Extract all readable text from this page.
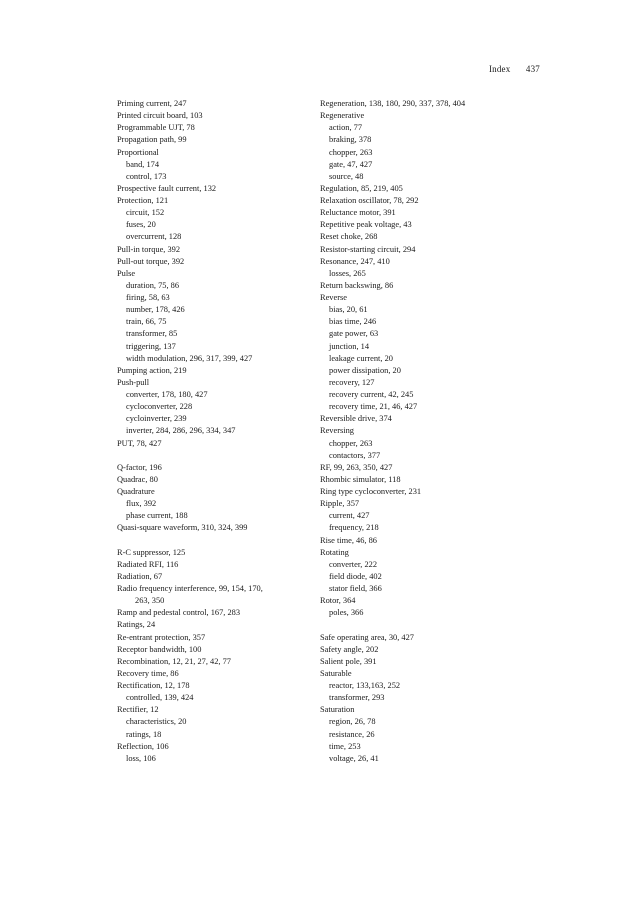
Index 437
Priming current, 247
Printed circuit board, 103
Programmable UJT, 78
Propagation path, 99
Proportional
band, 174
control, 173
Prospective fault current, 132
Protection, 121
circuit, 152
fuses, 20
overcurrent, 128
Pull-in torque, 392
Pull-out torque, 392
Pulse
duration, 75, 86
firing, 58, 63
number, 178, 426
train, 66, 75
transformer, 85
triggering, 137
width modulation, 296, 317, 399, 427
Pumping action, 219
Push-pull
converter, 178, 180, 427
cycloconverter, 228
cycloinverter, 239
inverter, 284, 286, 296, 334, 347
PUT, 78, 427
Q-factor, 196
Quadrac, 80
Quadrature
flux, 392
phase current, 188
Quasi-square waveform, 310, 324, 399
R-C suppressor, 125
Radiated RFI, 116
Radiation, 67
Radio frequency interference, 99, 154, 170,
263, 350
Ramp and pedestal control, 167, 283
Ratings, 24
Re-entrant protection, 357
Receptor bandwidth, 100
Recombination, 12, 21, 27, 42, 77
Recovery time, 86
Rectification, 12, 178
controlled, 139, 424
Rectifier, 12
characteristics, 20
ratings, 18
Reflection, 106
loss, 106
Regeneration, 138, 180, 290, 337, 378, 404
Regenerative
action, 77
braking, 378
chopper, 263
gate, 47, 427
source, 48
Regulation, 85, 219, 405
Relaxation oscillator, 78, 292
Reluctance motor, 391
Repetitive peak voltage, 43
Reset choke, 268
Resistor-starting circuit, 294
Resonance, 247, 410
losses, 265
Return backswing, 86
Reverse
bias, 20, 61
bias time, 246
gate power, 63
junction, 14
leakage current, 20
power dissipation, 20
recovery, 127
recovery current, 42, 245
recovery time, 21, 46, 427
Reversible drive, 374
Reversing
chopper, 263
contactors, 377
RF, 99, 263, 350, 427
Rhombic simulator, 118
Ring type cycloconverter, 231
Ripple, 357
current, 427
frequency, 218
Rise time, 46, 86
Rotating
converter, 222
field diode, 402
stator field, 366
Rotor, 364
poles, 366
Safe operating area, 30, 427
Safety angle, 202
Salient pole, 391
Saturable
reactor, 133,163, 252
transformer, 293
Saturation
region, 26, 78
resistance, 26
time, 253
voltage, 26, 41
